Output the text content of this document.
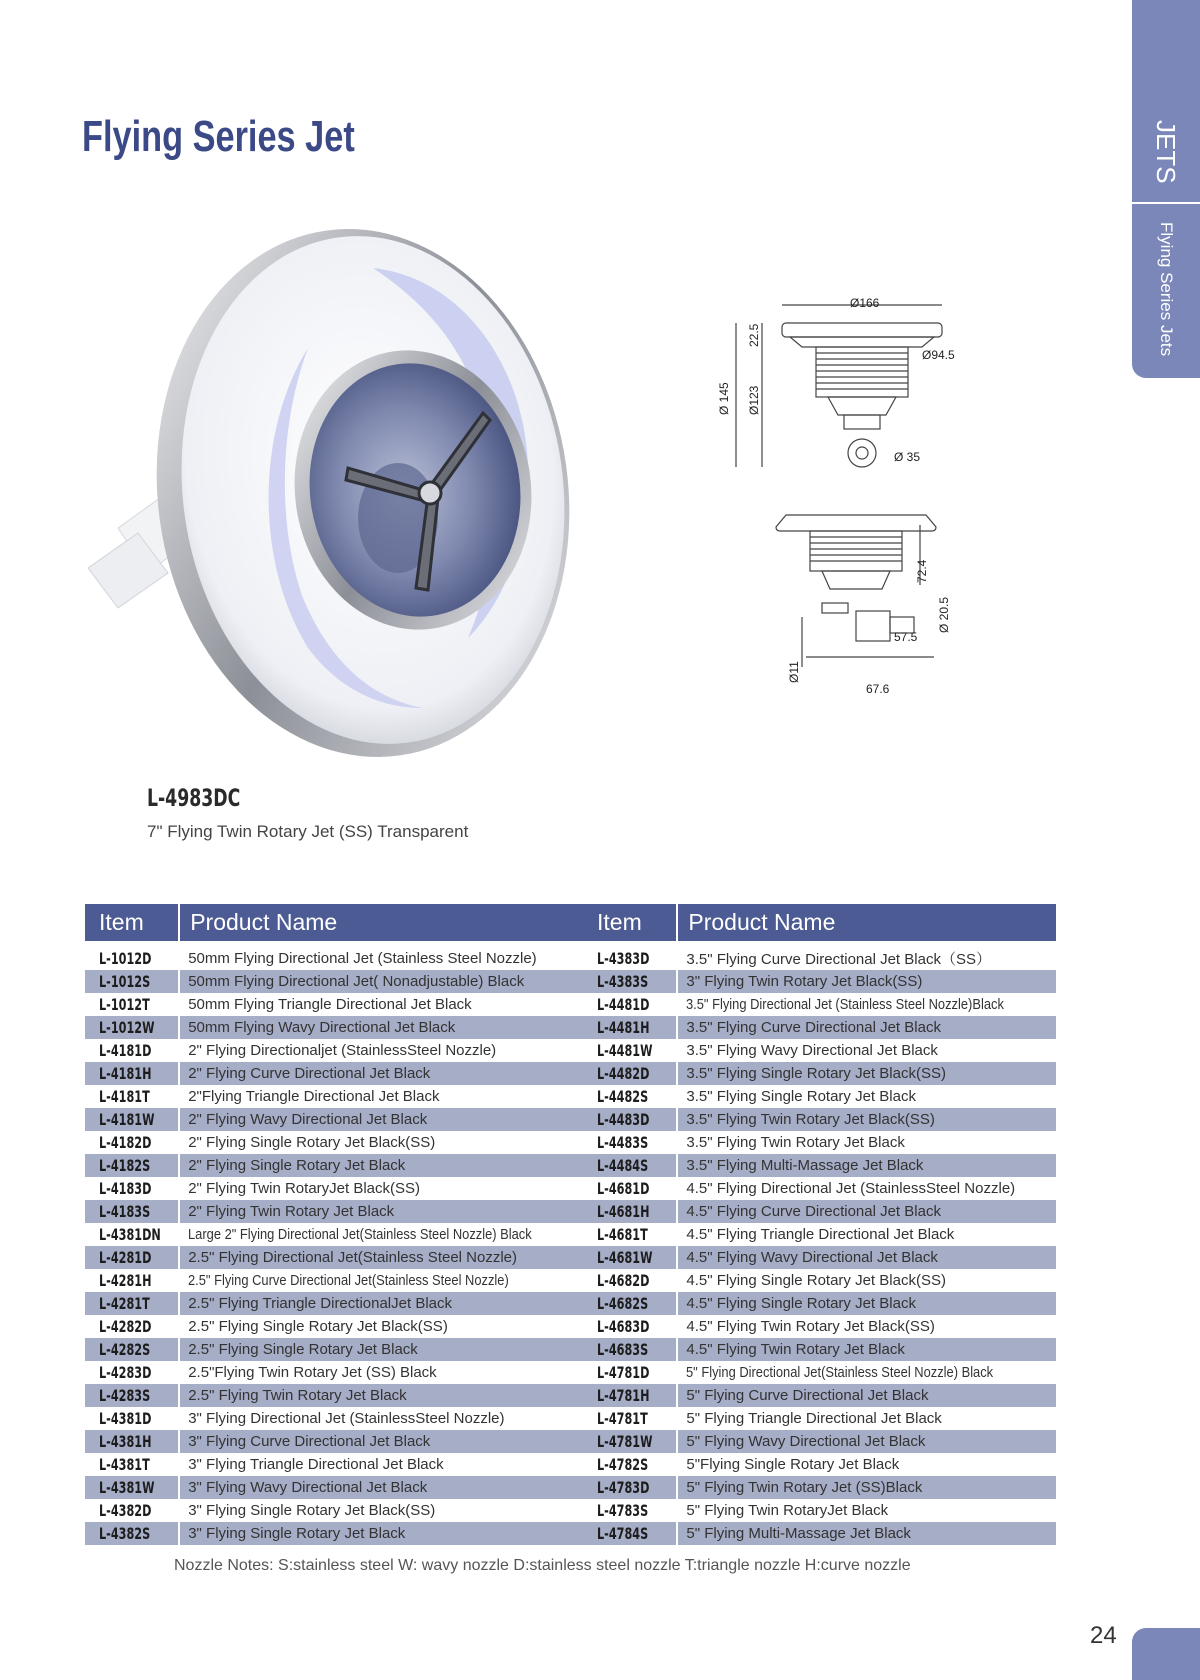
Flying Series Jet	JETS
Flying Series Jets
Ø166
Ø94.5
Ø 145 Ø123
22.5
Ø 35
72.4
Ø 20.5
57.5
67.6
Ø11
L-4983DC
7" Flying Twin Rotary Jet (SS) Transparent
Item	Product Name

L-1012D	50mm Flying Directional Jet (Stainless Steel Nozzle)
L-1012S	50mm Flying Directional Jet( Nonadjustable) Black
L-1012T	50mm Flying Triangle Directional Jet Black
L-1012W	50mm Flying Wavy Directional Jet Black
L-4181D	2" Flying Directionaljet (StainlessSteel Nozzle)
L-4181H	2" Flying Curve Directional Jet Black
L-4181T	2"Flying Triangle Directional Jet Black
L-4181W	2" Flying Wavy Directional Jet Black
L-4182D	2" Flying Single Rotary Jet Black(SS)
L-4182S	2" Flying Single Rotary Jet Black
L-4183D	2" Flying Twin RotaryJet Black(SS)
L-4183S	2" Flying Twin Rotary Jet Black
L-4381DN	Large 2" Flying Directional Jet(Stainless Steel Nozzle) Black
L-4281D	2.5" Flying Directional Jet(Stainless Steel Nozzle)
L-4281H	2.5" Flying Curve Directional Jet(Stainless Steel Nozzle)
L-4281T	2.5" Flying Triangle DirectionalJet Black
L-4282D	2.5" Flying Single Rotary Jet Black(SS)
L-4282S	2.5" Flying Single Rotary Jet Black
L-4283D	2.5"Flying Twin Rotary Jet (SS) Black
L-4283S	2.5" Flying Twin Rotary Jet Black
L-4381D	3" Flying Directional Jet (StainlessSteel Nozzle)
L-4381H	3" Flying Curve Directional Jet Black
L-4381T	3" Flying Triangle Directional Jet Black
L-4381W	3" Flying Wavy Directional Jet Black
L-4382D	3" Flying Single Rotary Jet Black(SS)
L-4382S	3" Flying Single Rotary Jet Black
Item	Product Name

L-4383D	3.5" Flying Curve Directional Jet Black（SS）
L-4383S	3" Flying Twin Rotary Jet Black(SS)
L-4481D	3.5" Flying Directional Jet (Stainless Steel Nozzle)Black
L-4481H	3.5" Flying Curve Directional Jet Black
L-4481W	3.5" Flying Wavy Directional Jet Black
L-4482D	3.5" Flying Single Rotary Jet Black(SS)
L-4482S	3.5" Flying Single Rotary Jet Black
L-4483D	3.5" Flying Twin Rotary Jet Black(SS)
L-4483S	3.5" Flying Twin Rotary Jet Black
L-4484S	3.5" Flying Multi-Massage Jet Black
L-4681D	4.5" Flying Directional Jet (StainlessSteel Nozzle)
L-4681H	4.5" Flying Curve Directional Jet Black
L-4681T	4.5" Flying Triangle Directional Jet Black
L-4681W	4.5" Flying Wavy Directional Jet Black
L-4682D	4.5" Flying Single Rotary Jet Black(SS)
L-4682S	4.5" Flying Single Rotary Jet Black
L-4683D	4.5" Flying Twin Rotary Jet Black(SS)
L-4683S	4.5" Flying Twin Rotary Jet Black
L-4781D	5" Flying Directional Jet(Stainless Steel Nozzle) Black
L-4781H	5" Flying Curve Directional Jet Black
L-4781T	5" Flying Triangle Directional Jet Black
L-4781W	5" Flying Wavy Directional Jet Black
L-4782S	5"Flying Single Rotary Jet Black
L-4783D	5" Flying Twin Rotary Jet (SS)Black
L-4783S	5" Flying Twin RotaryJet Black
L-4784S	5" Flying Multi-Massage Jet Black
Nozzle Notes: S:stainless steel W: wavy nozzle D:stainless steel nozzle T:triangle nozzle H:curve nozzle
24
